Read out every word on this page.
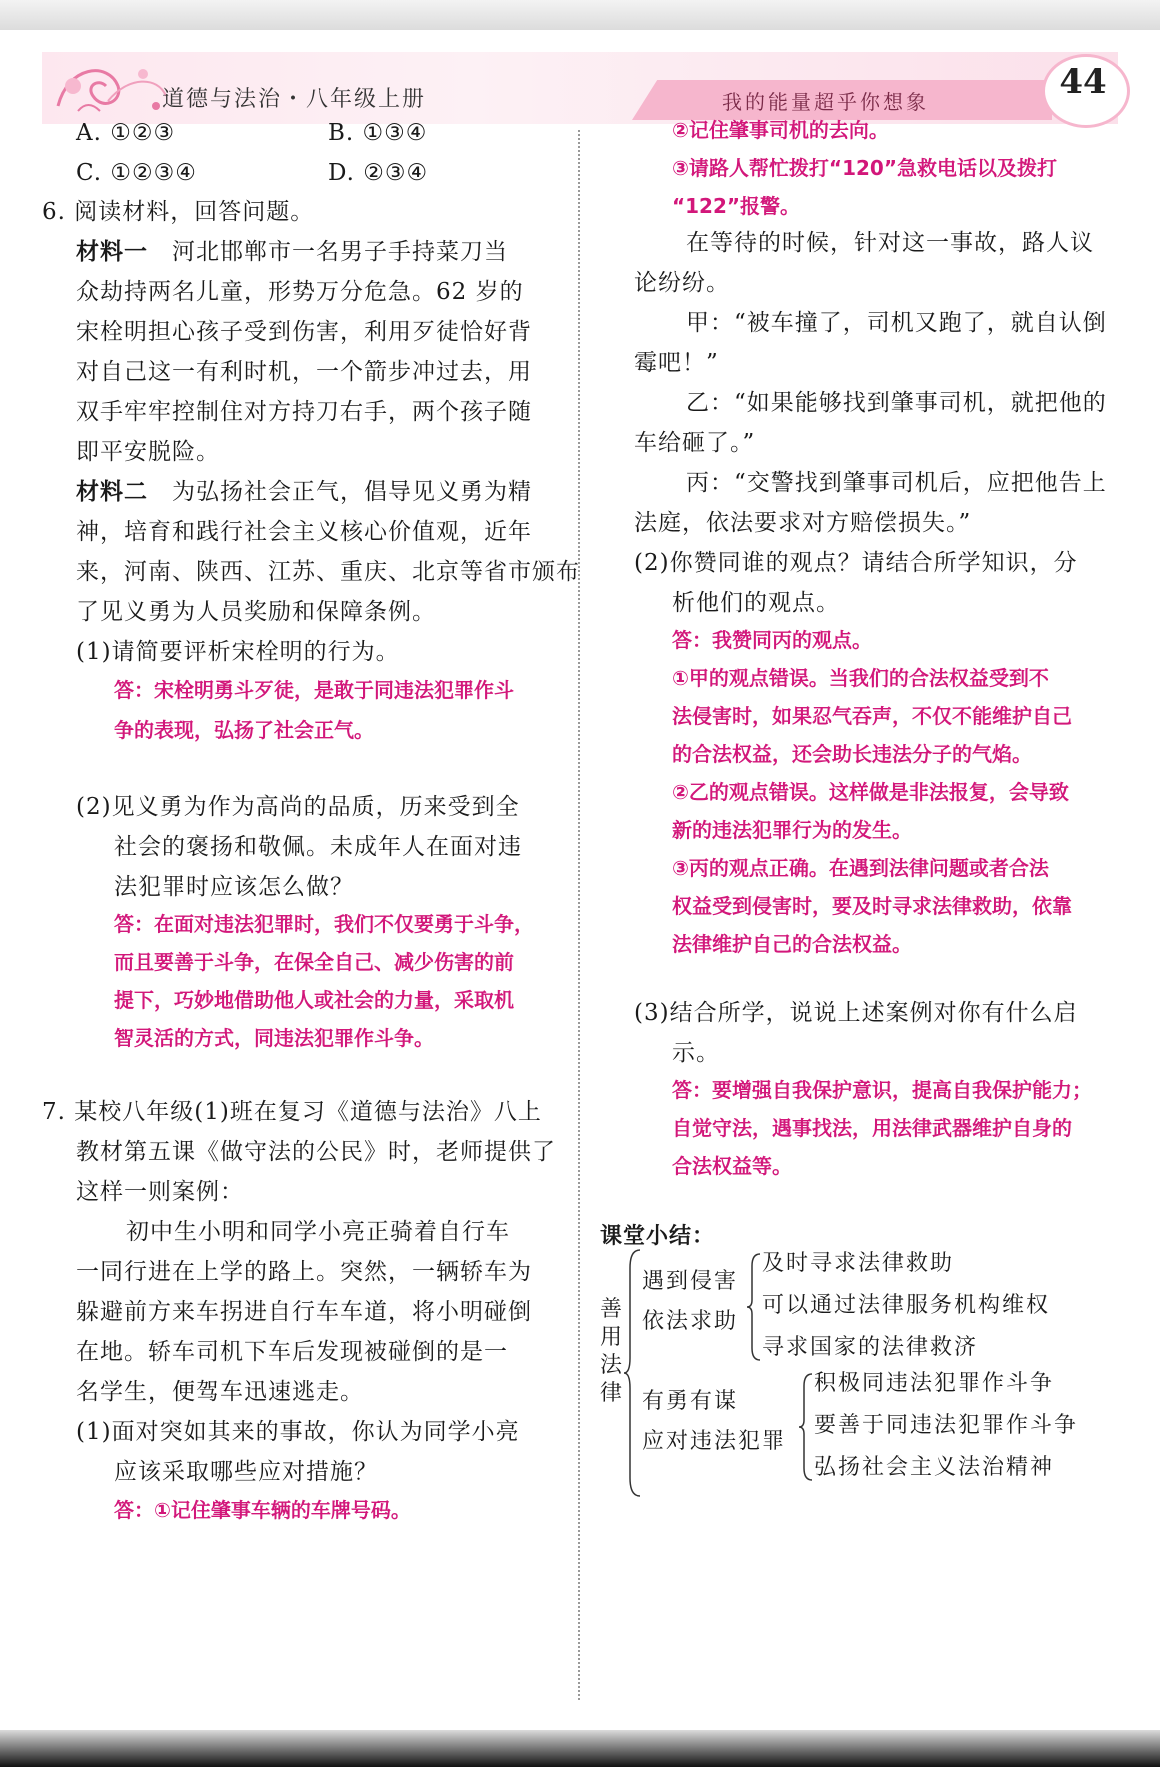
道德与法治・八年级上册	我的能量超乎你想象	44
A. ①②③	B. ①③④
C. ①②③④	D. ②③④
6. 阅读材料，回答问题。
材料一　 河北邯郸市一名男子手持菜刀当
众劫持两名儿童，形势万分危急。62 岁的
宋栓明担心孩子受到伤害，利用歹徒恰好背
对自己这一有利时机，一个箭步冲过去，用
双手牢牢控制住对方持刀右手，两个孩子随
即平安脱险。
材料二　 为弘扬社会正气，倡导见义勇为精
神，培育和践行社会主义核心价值观，近年
来，河南、陕西、江苏、重庆、北京等省市颁布
了见义勇为人员奖励和保障条例。
(1)请简要评析宋栓明的行为。
答：宋栓明勇斗歹徒，是敢于同违法犯罪作斗
争的表现，弘扬了社会正气。
(2)见义勇为作为高尚的品质，历来受到全
社会的褒扬和敬佩。未成年人在面对违
法犯罪时应该怎么做？
答：在面对违法犯罪时，我们不仅要勇于斗争，
而且要善于斗争，在保全自己、减少伤害的前
提下，巧妙地借助他人或社会的力量，采取机
智灵活的方式，同违法犯罪作斗争。
7. 某校八年级(1)班在复习《道德与法治》八上
教材第五课《做守法的公民》时，老师提供了
这样一则案例：
初中生小明和同学小亮正骑着自行车
一同行进在上学的路上。突然，一辆轿车为
躲避前方来车拐进自行车车道，将小明碰倒
在地。轿车司机下车后发现被碰倒的是一
名学生，便驾车迅速逃走。
(1)面对突如其来的事故，你认为同学小亮
应该采取哪些应对措施？
答：①记住肇事车辆的车牌号码。
②记住肇事司机的去向。
③请路人帮忙拨打“120”急救电话以及拨打
“122”报警。
在等待的时候，针对这一事故，路人议
论纷纷。
甲：“被车撞了，司机又跑了，就自认倒
霉吧！”
乙：“如果能够找到肇事司机，就把他的
车给砸了。”
丙：“交警找到肇事司机后，应把他告上
法庭，依法要求对方赔偿损失。”
(2)你赞同谁的观点？请结合所学知识，分
析他们的观点。
答：我赞同丙的观点。
①甲的观点错误。当我们的合法权益受到不
法侵害时，如果忍气吞声，不仅不能维护自己
的合法权益，还会助长违法分子的气焰。
②乙的观点错误。这样做是非法报复，会导致
新的违法犯罪行为的发生。
③丙的观点正确。在遇到法律问题或者合法
权益受到侵害时，要及时寻求法律救助，依靠
法律维护自己的合法权益。
(3)结合所学，说说上述案例对你有什么启
示。
答：要增强自我保护意识，提高自我保护能力；
自觉守法，遇事找法，用法律武器维护自身的
合法权益等。
课堂小结：
善
用
法
律
遇到侵害
依法求助
及时寻求法律救助
可以通过法律服务机构维权
寻求国家的法律救济
有勇有谋
应对违法犯罪
积极同违法犯罪作斗争
要善于同违法犯罪作斗争
弘扬社会主义法治精神
